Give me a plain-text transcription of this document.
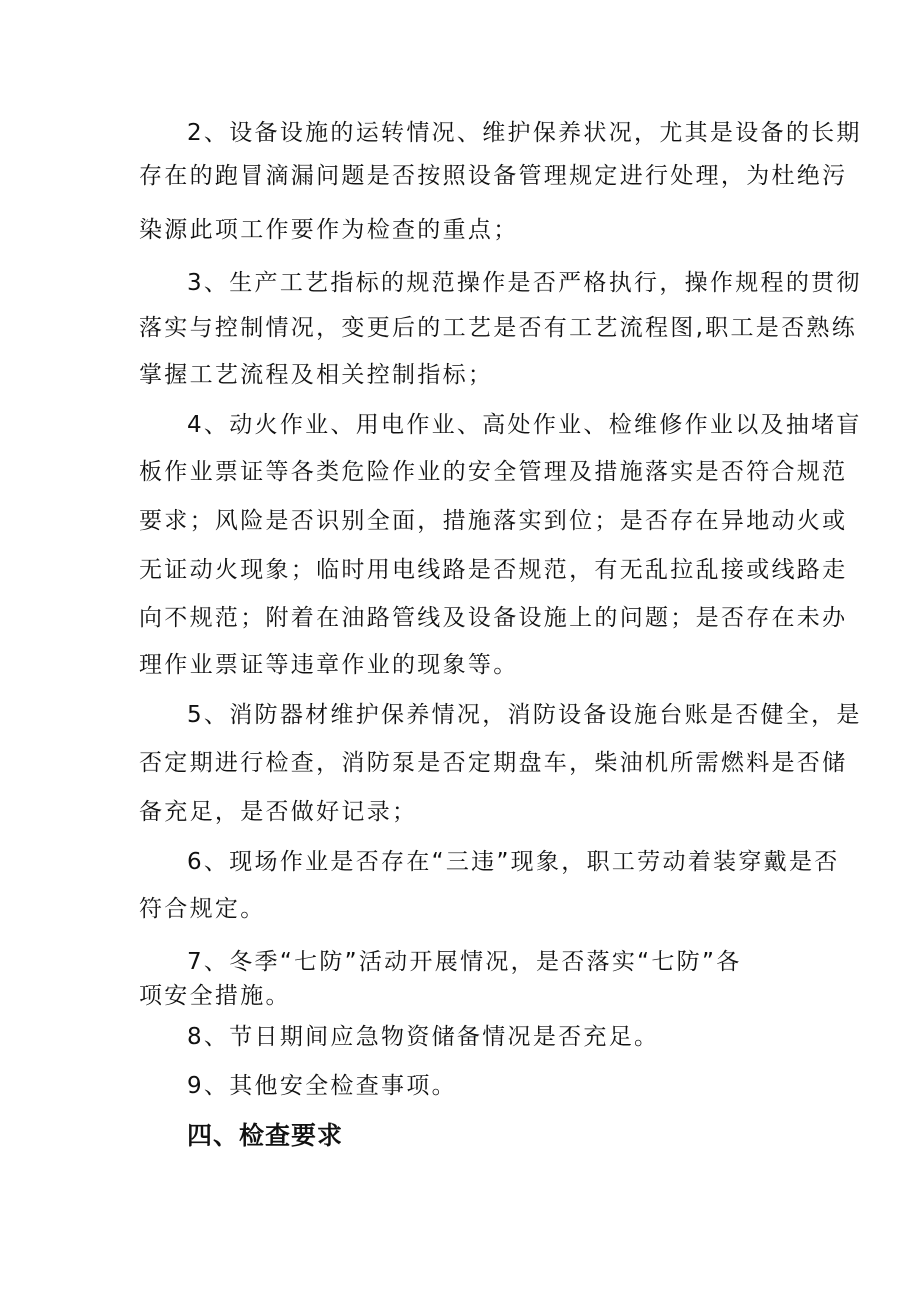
2、设备设施的运转情况、维护保养状况，尤其是设备的长期
存在的跑冒滴漏问题是否按照设备管理规定进行处理，为杜绝污
染源此项工作要作为检查的重点；
3、生产工艺指标的规范操作是否严格执行，操作规程的贯彻
落实与控制情况，变更后的工艺是否有工艺流程图,职工是否熟练
掌握工艺流程及相关控制指标；
4、动火作业、用电作业、高处作业、检维修作业以及抽堵盲
板作业票证等各类危险作业的安全管理及措施落实是否符合规范
要求；风险是否识别全面，措施落实到位；是否存在异地动火或
无证动火现象；临时用电线路是否规范，有无乱拉乱接或线路走
向不规范；附着在油路管线及设备设施上的问题；是否存在未办
理作业票证等违章作业的现象等。
5、消防器材维护保养情况，消防设备设施台账是否健全，是
否定期进行检查，消防泵是否定期盘车，柴油机所需燃料是否储
备充足，是否做好记录；
6、现场作业是否存在“三违”现象，职工劳动着装穿戴是否
符合规定。
7、冬季“七防”活动开展情况，是否落实“七防”各
项安全措施。
8、节日期间应急物资储备情况是否充足。
9、其他安全检查事项。
四、检查要求
